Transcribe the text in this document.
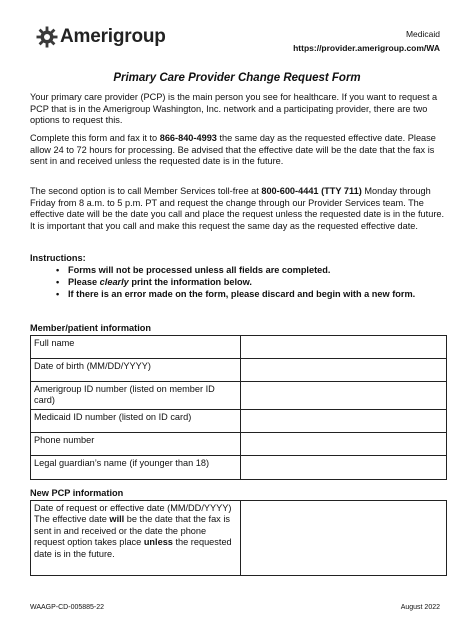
Amerigroup	Medicaid
https://provider.amerigroup.com/WA
Primary Care Provider Change Request Form
Your primary care provider (PCP) is the main person you see for healthcare. If you want to request a PCP that is in the Amerigroup Washington, Inc. network and a participating provider, there are two options to request this.
Complete this form and fax it to 866-840-4993 the same day as the requested effective date. Please allow 24 to 72 hours for processing. Be advised that the effective date will be the date that the fax is sent in and received unless the requested date is in the future.
The second option is to call Member Services toll-free at 800-600-4441 (TTY 711) Monday through Friday from 8 a.m. to 5 p.m. PT and request the change through our Provider Services team. The effective date will be the date you call and place the request unless the requested date is in the future. It is important that you call and make this request the same day as the requested effective date.
Instructions:
• Forms will not be processed unless all fields are completed.
• Please clearly print the information below.
• If there is an error made on the form, please discard and begin with a new form.
Member/patient information
Full name	
Date of birth (MM/DD/YYYY)	
Amerigroup ID number (listed on member ID card)	
Medicaid ID number (listed on ID card)	
Phone number	
Legal guardian’s name (if younger than 18)	
New PCP information
Date of request or effective date (MM/DD/YYYY)
The effective date will be the date that the fax is sent in and received or the date the phone request option takes place unless the requested date is in the future.

WAAGP-CD-005885-22	August 2022
